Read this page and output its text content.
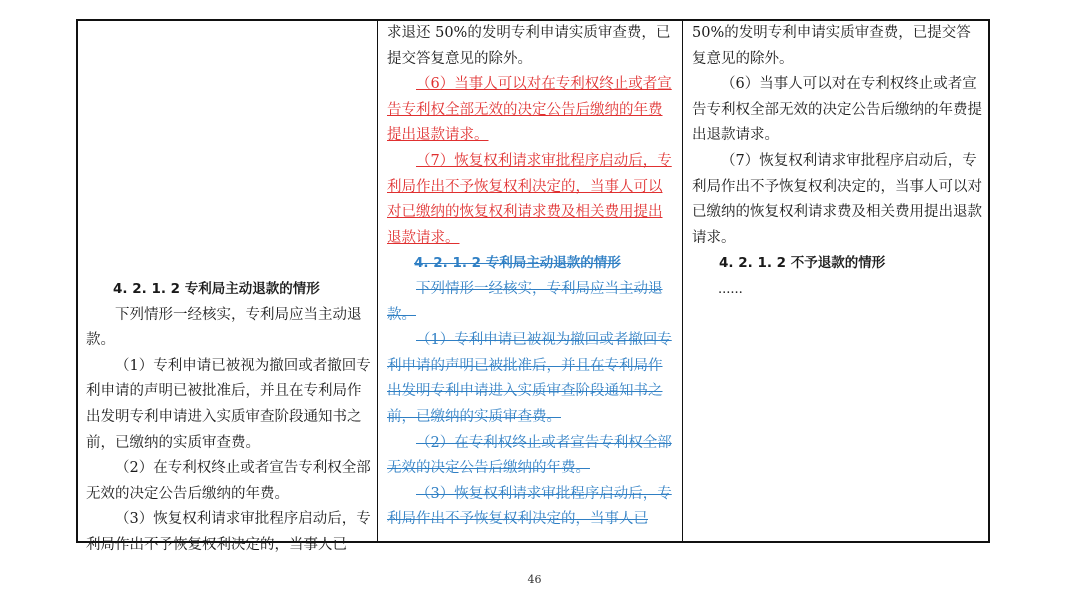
4. 2. 1. 2 专利局主动退款的情形

下列情形一经核实，专利局应当主动退款。

（1）专利申请已被视为撤回或者撤回专利申请的声明已被批准后，并且在专利局作出发明专利申请进入实质审查阶段通知书之前，已缴纳的实质审查费。

（2）在专利权终止或者宣告专利权全部无效的决定公告后缴纳的年费。

（3）恢复权利请求审批程序启动后，专利局作出不予恢复权利决定的，当事人已

求退还 50%的发明专利申请实质审查费，已提交答复意见的除外。

（6）当事人可以对在专利权终止或者宣告专利权全部无效的决定公告后缴纳的年费提出退款请求。

（7）恢复权利请求审批程序启动后，专利局作出不予恢复权利决定的，当事人可以对已缴纳的恢复权利请求费及相关费用提出退款请求。

4. 2. 1. 2 专利局主动退款的情形

下列情形一经核实，专利局应当主动退款。

（1）专利申请已被视为撤回或者撤回专利申请的声明已被批准后，并且在专利局作出发明专利申请进入实质审查阶段通知书之前，已缴纳的实质审查费。

（2）在专利权终止或者宣告专利权全部无效的决定公告后缴纳的年费。

（3）恢复权利请求审批程序启动后，专利局作出不予恢复权利决定的，当事人已

50%的发明专利申请实质审查费，已提交答复意见的除外。

（6）当事人可以对在专利权终止或者宣告专利权全部无效的决定公告后缴纳的年费提出退款请求。

（7）恢复权利请求审批程序启动后，专利局作出不予恢复权利决定的，当事人可以对已缴纳的恢复权利请求费及相关费用提出退款请求。

4. 2. 1. 2 不予退款的情形

......

46
